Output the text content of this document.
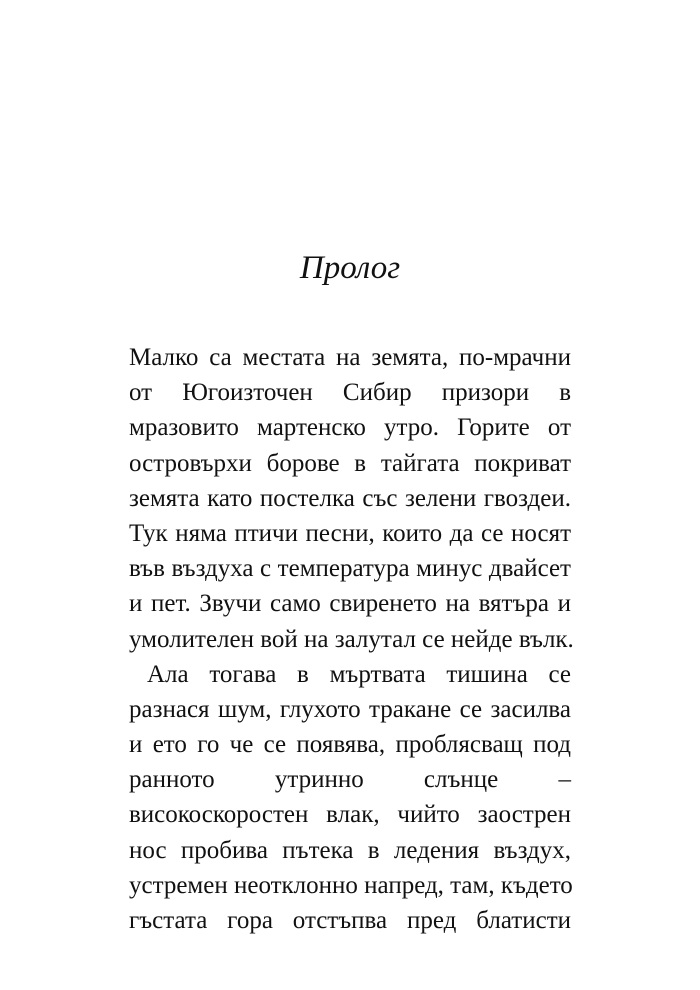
Пролог
Малко са местата на земята, по-мрачни
от Югоизточен Сибир призори в
мразовито мартенско утро. Горите от
островърхи борове в тайгата покриват
земята като постелка със зелени гвоздеи.
Тук няма птичи песни, които да се носят
във въздуха с температура минус двайсет
и пет. Звучи само свиренето на вятъра и
умолителен вой на залутал се нейде вълк.
Ала тогава в мъртвата тишина се
разнася шум, глухото тракане се засилва
и ето го че се появява, проблясващ под
ранното утринно слънце –
високоскоростен влак, чийто заострен
нос пробива пътека в ледения въздух,
устремен неотклонно напред, там, където
гъстата гора отстъпва пред блатисти
